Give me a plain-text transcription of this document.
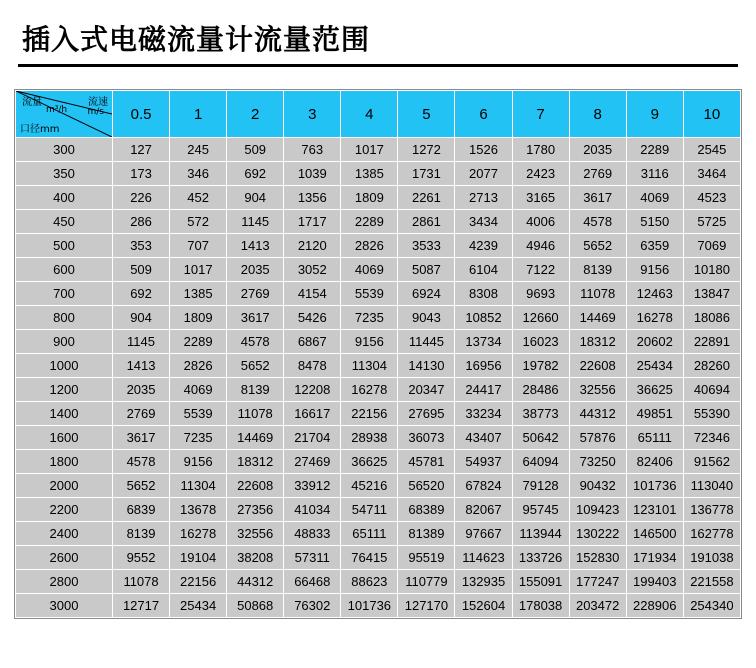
插入式电磁流量计流量范围
流量
m³/h
流速
m/s
口径mm	0.5	1	2	3	4	5	6	7	8	9	10
300	127	245	509	763	1017	1272	1526	1780	2035	2289	2545
350	173	346	692	1039	1385	1731	2077	2423	2769	3116	3464
400	226	452	904	1356	1809	2261	2713	3165	3617	4069	4523
450	286	572	1145	1717	2289	2861	3434	4006	4578	5150	5725
500	353	707	1413	2120	2826	3533	4239	4946	5652	6359	7069
600	509	1017	2035	3052	4069	5087	6104	7122	8139	9156	10180
700	692	1385	2769	4154	5539	6924	8308	9693	11078	12463	13847
800	904	1809	3617	5426	7235	9043	10852	12660	14469	16278	18086
900	1145	2289	4578	6867	9156	11445	13734	16023	18312	20602	22891
1000	1413	2826	5652	8478	11304	14130	16956	19782	22608	25434	28260
1200	2035	4069	8139	12208	16278	20347	24417	28486	32556	36625	40694
1400	2769	5539	11078	16617	22156	27695	33234	38773	44312	49851	55390
1600	3617	7235	14469	21704	28938	36073	43407	50642	57876	65111	72346
1800	4578	9156	18312	27469	36625	45781	54937	64094	73250	82406	91562
2000	5652	11304	22608	33912	45216	56520	67824	79128	90432	101736	113040
2200	6839	13678	27356	41034	54711	68389	82067	95745	109423	123101	136778
2400	8139	16278	32556	48833	65111	81389	97667	113944	130222	146500	162778
2600	9552	19104	38208	57311	76415	95519	114623	133726	152830	171934	191038
2800	11078	22156	44312	66468	88623	110779	132935	155091	177247	199403	221558
3000	12717	25434	50868	76302	101736	127170	152604	178038	203472	228906	254340
